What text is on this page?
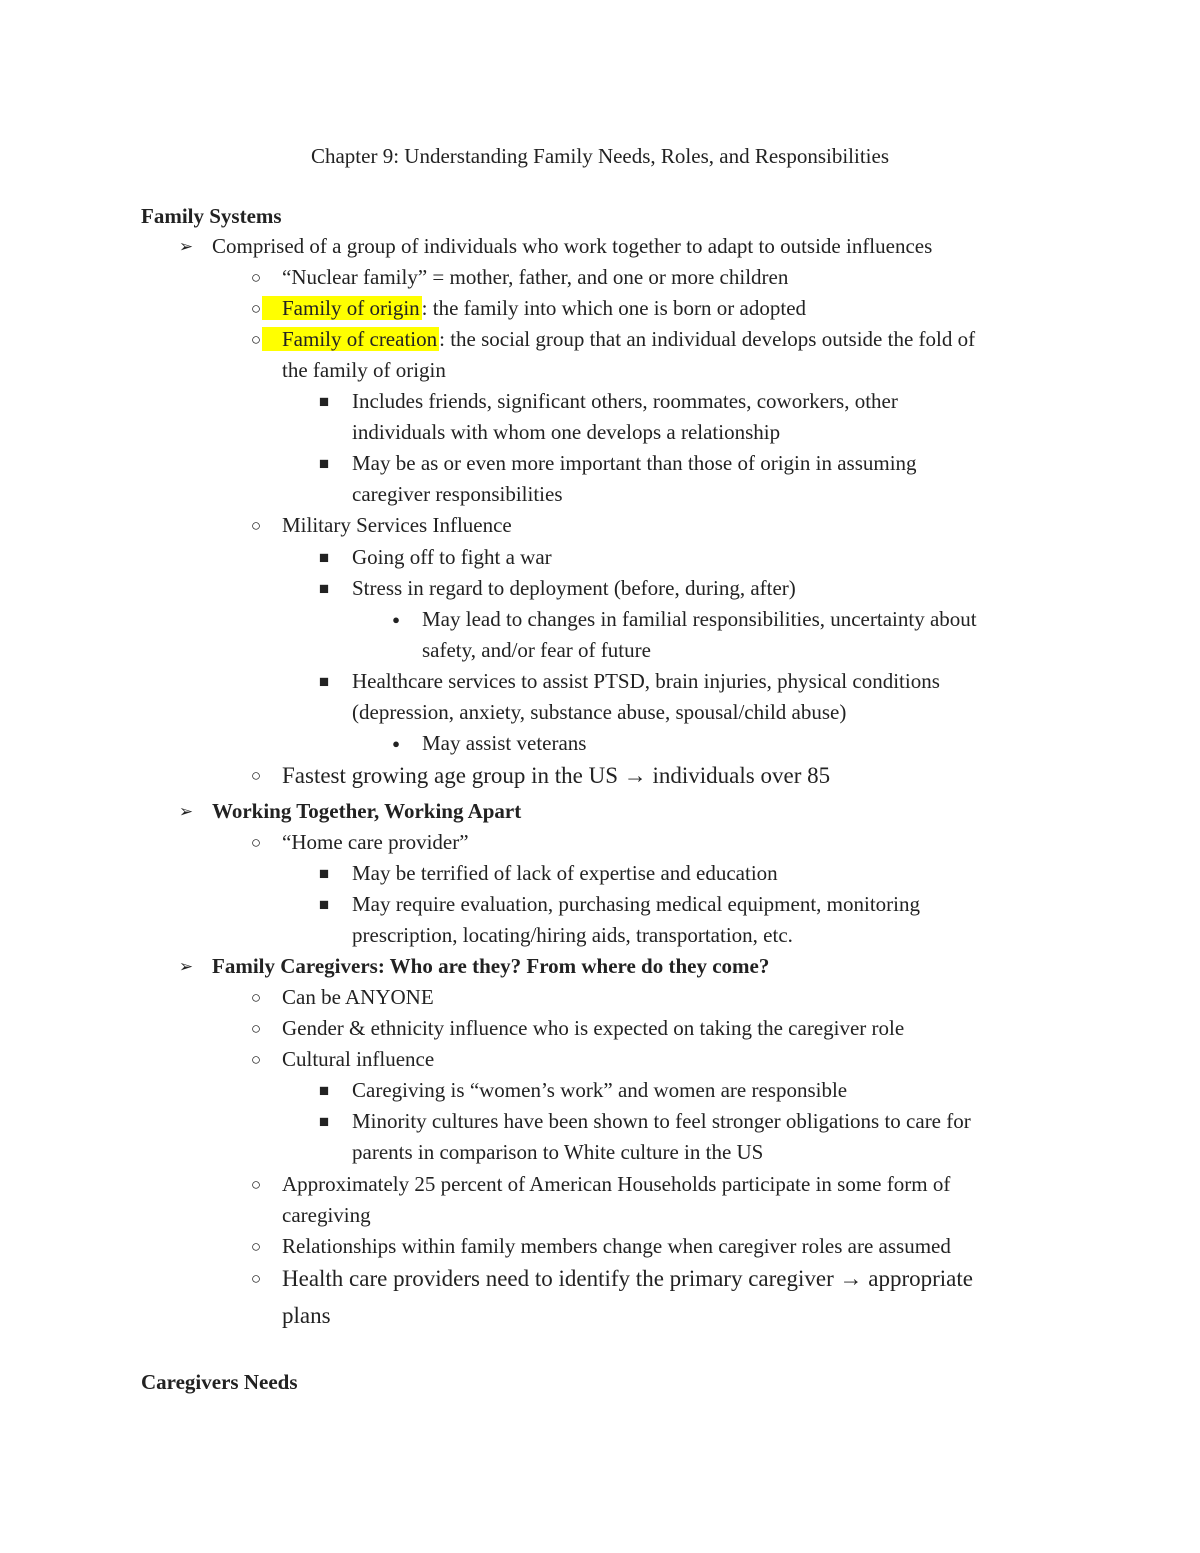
Chapter 9: Understanding Family Needs, Roles, and Responsibilities
Family Systems
➢ Comprised of a group of individuals who work together to adapt to outside influences
○ “Nuclear family” = mother, father, and one or more children
○ Family of origin: the family into which one is born or adopted
○ Family of creation: the social group that an individual develops outside the fold of
the family of origin
■ Includes friends, significant others, roommates, coworkers, other
individuals with whom one develops a relationship
■ May be as or even more important than those of origin in assuming
caregiver responsibilities
○ Military Services Influence
■ Going off to fight a war
■ Stress in regard to deployment (before, during, after)
● May lead to changes in familial responsibilities, uncertainty about
safety, and/or fear of future
■ Healthcare services to assist PTSD, brain injuries, physical conditions
(depression, anxiety, substance abuse, spousal/child abuse)
● May assist veterans
○ Fastest growing age group in the US → individuals over 85
➢ Working Together, Working Apart
○ “Home care provider”
■ May be terrified of lack of expertise and education
■ May require evaluation, purchasing medical equipment, monitoring
prescription, locating/hiring aids, transportation, etc.
➢ Family Caregivers: Who are they? From where do they come?
○ Can be ANYONE
○ Gender & ethnicity influence who is expected on taking the caregiver role
○ Cultural influence
■ Caregiving is “women’s work” and women are responsible
■ Minority cultures have been shown to feel stronger obligations to care for
parents in comparison to White culture in the US
○ Approximately 25 percent of American Households participate in some form of
caregiving
○ Relationships within family members change when caregiver roles are assumed
○ Health care providers need to identify the primary caregiver → appropriate
plans
Caregivers Needs
